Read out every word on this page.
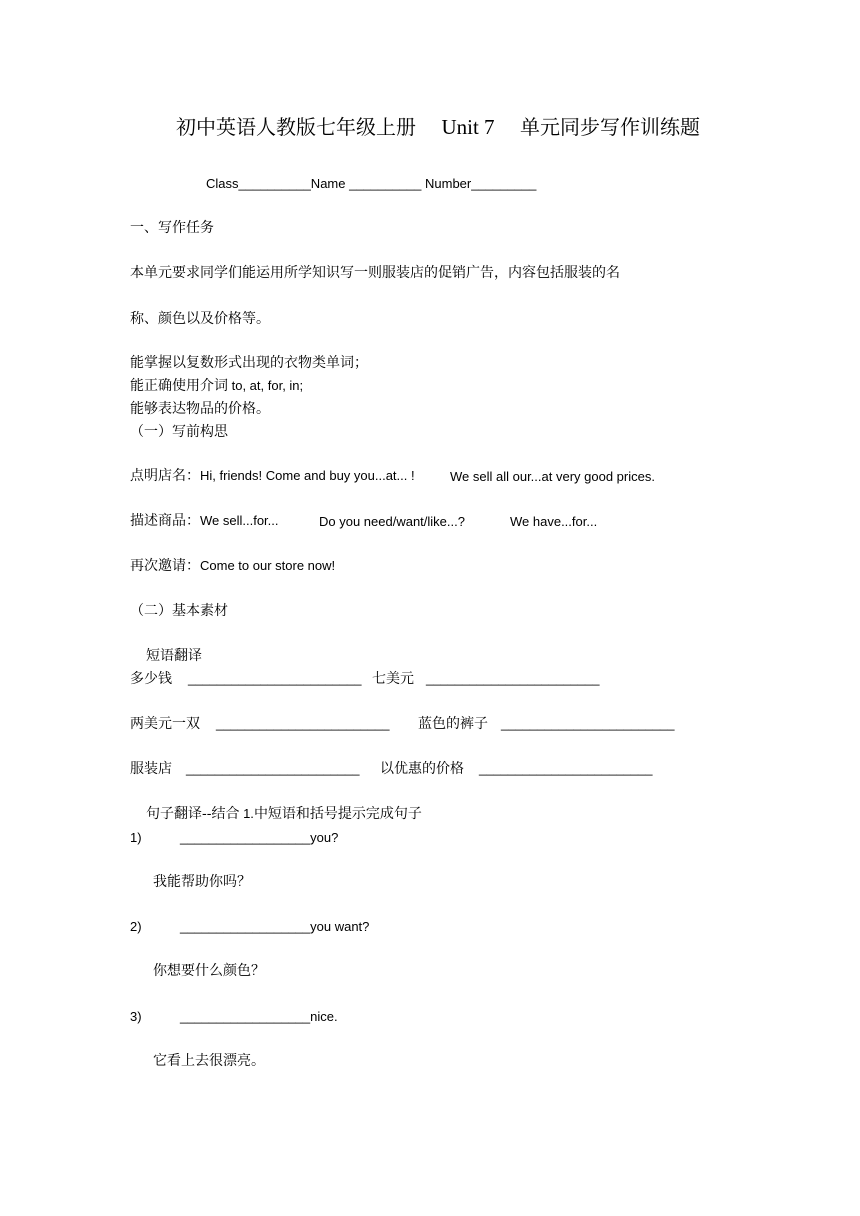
初中英语人教版七年级上册 Unit 7 单元同步写作训练题
Class__________Name __________ Number_________
一、写作任务
本单元要求同学们能运用所学知识写一则服装店的促销广告，内容包括服装的名
称、颜色以及价格等。
能掌握以复数形式出现的衣物类单词；
能正确使用介词 to, at, for, in;
能够表达物品的价格。
（一）写前构思
点明店名：Hi, friends! Come and buy you...at... !	We sell all our...at very good prices.
描述商品：We sell...for...	Do you need/want/like...?	We have...for...
再次邀请：Come to our store now!
（二）基本素材
短语翻译
多少钱 ________________________ 七美元 ________________________
两美元一双 ________________________ 蓝色的裤子 ________________________
服装店 ________________________ 以优惠的价格 ________________________
句子翻译--结合 1.中短语和括号提示完成句子
1)	__________________you?
我能帮助你吗？
2)	__________________you want?
你想要什么颜色？
3)	__________________nice.
它看上去很漂亮。
